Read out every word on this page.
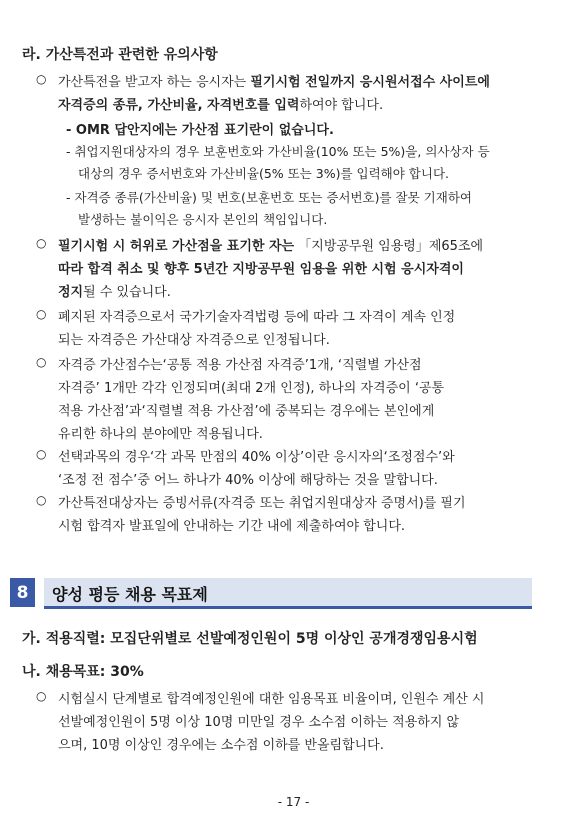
라. 가산특전과 관련한 유의사항
○ 가산특전을 받고자 하는 응시자는 필기시험 전일까지 응시원서접수 사이트에
자격증의 종류, 가산비율, 자격번호를 입력하여야 합니다.
- OMR 답안지에는 가산점 표기란이 없습니다.
- 취업지원대상자의 경우 보훈번호와 가산비율(10% 또는 5%)을, 의사상자 등
대상의 경우 증서번호와 가산비율(5% 또는 3%)를 입력해야 합니다.
- 자격증 종류(가산비율) 및 번호(보훈번호 또는 증서번호)를 잘못 기재하여
발생하는 불이익은 응시자 본인의 책임입니다.
○ 필기시험 시 허위로 가산점을 표기한 자는 「지방공무원 임용령」제65조에
따라 합격 취소 및 향후 5년간 지방공무원 임용을 위한 시험 응시자격이
정지될 수 있습니다.
○ 폐지된 자격증으로서 국가기술자격법령 등에 따라 그 자격이 계속 인정
되는 자격증은 가산대상 자격증으로 인정됩니다.
○ 자격증 가산점수는‘공통 적용 가산점 자격증’1개, ‘직렬별 가산점
자격증’ 1개만 각각 인정되며(최대 2개 인정), 하나의 자격증이 ‘공통
적용 가산점’과‘직렬별 적용 가산점’에 중복되는 경우에는 본인에게
유리한 하나의 분야에만 적용됩니다.
○ 선택과목의 경우‘각 과목 만점의 40% 이상’이란 응시자의‘조정점수’와
‘조정 전 점수’중 어느 하나가 40% 이상에 해당하는 것을 말합니다.
○ 가산특전대상자는 증빙서류(자격증 또는 취업지원대상자 증명서)를 필기
시험 합격자 발표일에 안내하는 기간 내에 제출하여야 합니다.
8	양성 평등 채용 목표제
가. 적용직렬: 모집단위별로 선발예정인원이 5명 이상인 공개경쟁임용시험
나. 채용목표: 30%
○ 시험실시 단계별로 합격예정인원에 대한 임용목표 비율이며, 인원수 계산 시
선발예정인원이 5명 이상 10명 미만일 경우 소수점 이하는 적용하지 않
으며, 10명 이상인 경우에는 소수점 이하를 반올림합니다.
- 17 -
